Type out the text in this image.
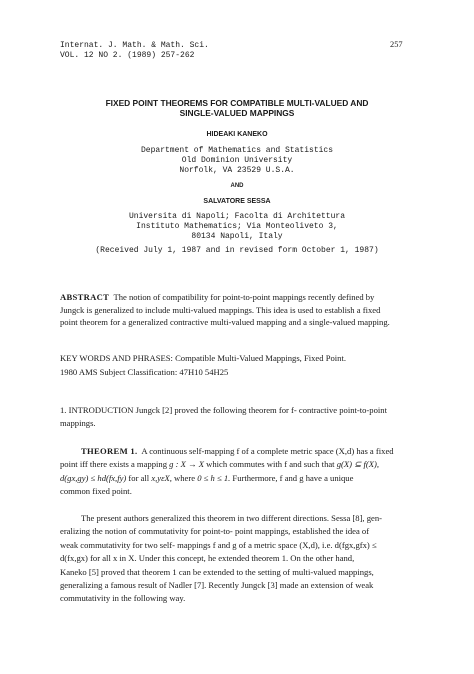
Internat. J. Math. & Math. Sci.
VOL. 12 NO 2. (1989) 257-262
257
FIXED POINT THEOREMS FOR COMPATIBLE MULTI-VALUED AND
SINGLE-VALUED MAPPINGS
HIDEAKI KANEKO
Department of Mathematics and Statistics
Old Dominion University
Norfolk, VA 23529 U.S.A.
AND
SALVATORE SESSA
Universita di Napoli; Facolta di Architettura
Instituto Mathematics; Via Monteoliveto 3,
80134 Napoli, Italy
(Received July 1, 1987 and in revised form October 1, 1987)
ABSTRACT The notion of compatibility for point-to-point mappings recently defined by
Jungck is generalized to include multi-valued mappings. This idea is used to establish a fixed
point theorem for a generalized contractive multi-valued mapping and a single-valued mapping.
KEY WORDS AND PHRASES: Compatible Multi-Valued Mappings, Fixed Point.
1980 AMS Subject Classification: 47H10 54H25
1. INTRODUCTION Jungck [2] proved the following theorem for f- contractive point-to-point
mappings.
THEOREM 1. A continuous self-mapping f of a complete metric space (X,d) has a fixed
point iff there exists a mapping g : X → X which commutes with f and such that g(X) ⊆ f(X),
d(gx,gy) ≤ hd(fx,fy) for all x,yεX, where 0 ≤ h ≤ 1. Furthermore, f and g have a unique
common fixed point.
The present authors generalized this theorem in two different directions. Sessa [8], gen-
eralizing the notion of commutativity for point-to- point mappings, established the idea of
weak commutativity for two self- mappings f and g of a metric space (X,d), i.e. d(fgx,gfx) ≤
d(fx,gx) for all x in X. Under this concept, he extended theorem 1. On the other hand,
Kaneko [5] proved that theorem 1 can be extended to the setting of multi-valued mappings,
generalizing a famous result of Nadler [7]. Recently Jungck [3] made an extension of weak
commutativity in the following way.
